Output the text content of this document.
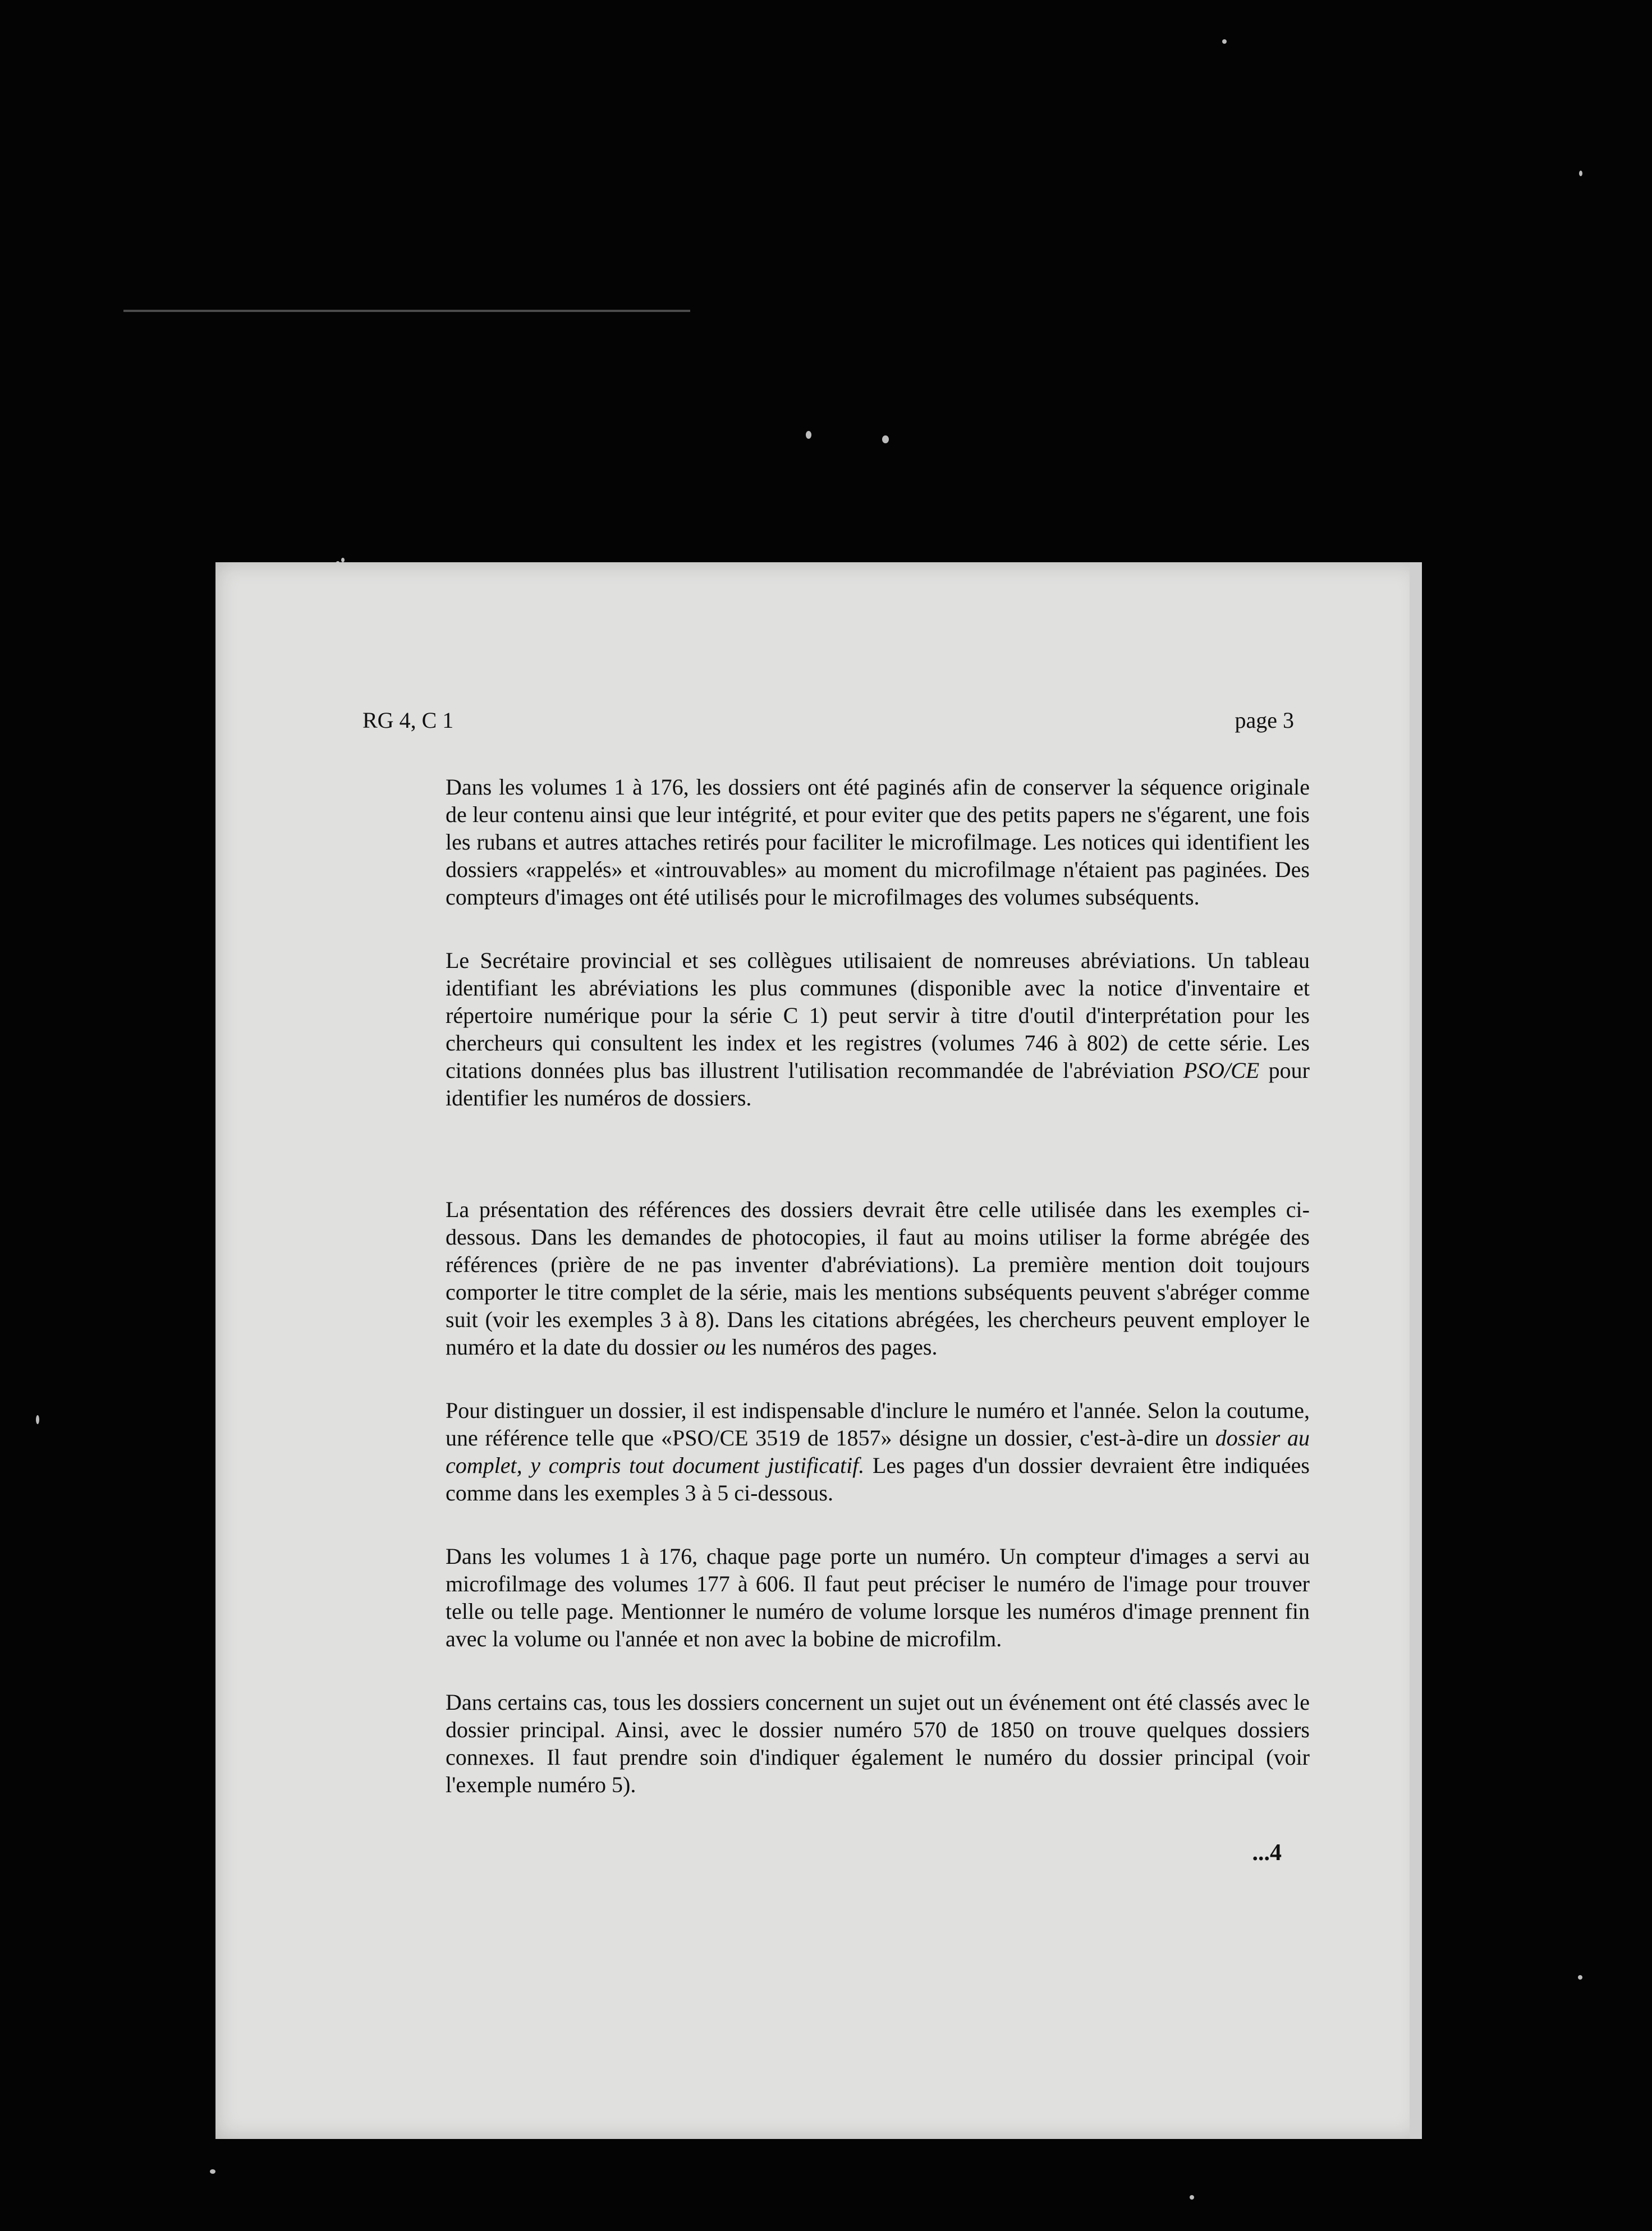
RG 4, C 1	page 3

Dans les volumes 1 à 176, les dossiers ont été paginés afin de conserver la séquence originale de leur contenu ainsi que leur intégrité, et pour eviter que des petits papers ne s'égarent, une fois les rubans et autres attaches retirés pour faciliter le microfilmage. Les notices qui identifient les dossiers «rappelés» et «introuvables» au moment du microfilmage n'étaient pas paginées. Des compteurs d'images ont été utilisés pour le microfilmages des volumes subséquents.

Le Secrétaire provincial et ses collègues utilisaient de nomreuses abréviations. Un tableau identifiant les abréviations les plus communes (disponible avec la notice d'inventaire et répertoire numérique pour la série C 1) peut servir à titre d'outil d'interprétation pour les chercheurs qui consultent les index et les registres (volumes 746 à 802) de cette série. Les citations données plus bas illustrent l'utilisation recommandée de l'abréviation PSO/CE pour identifier les numéros de dossiers.

La présentation des références des dossiers devrait être celle utilisée dans les exemples ci-dessous. Dans les demandes de photocopies, il faut au moins utiliser la forme abrégée des références (prière de ne pas inventer d'abréviations). La première mention doit toujours comporter le titre complet de la série, mais les mentions subséquents peuvent s'abréger comme suit (voir les exemples 3 à 8). Dans les citations abrégées, les chercheurs peuvent employer le numéro et la date du dossier ou les numéros des pages.

Pour distinguer un dossier, il est indispensable d'inclure le numéro et l'année. Selon la coutume, une référence telle que «PSO/CE 3519 de 1857» désigne un dossier, c'est-à-dire un dossier au complet, y compris tout document justificatif. Les pages d'un dossier devraient être indiquées comme dans les exemples 3 à 5 ci-dessous.

Dans les volumes 1 à 176, chaque page porte un numéro. Un compteur d'images a servi au microfilmage des volumes 177 à 606. Il faut peut préciser le numéro de l'image pour trouver telle ou telle page. Mentionner le numéro de volume lorsque les numéros d'image prennent fin avec la volume ou l'année et non avec la bobine de microfilm.

Dans certains cas, tous les dossiers concernent un sujet out un événement ont été classés avec le dossier principal. Ainsi, avec le dossier numéro 570 de 1850 on trouve quelques dossiers connexes. Il faut prendre soin d'indiquer également le numéro du dossier principal (voir l'exemple numéro 5).

...4
